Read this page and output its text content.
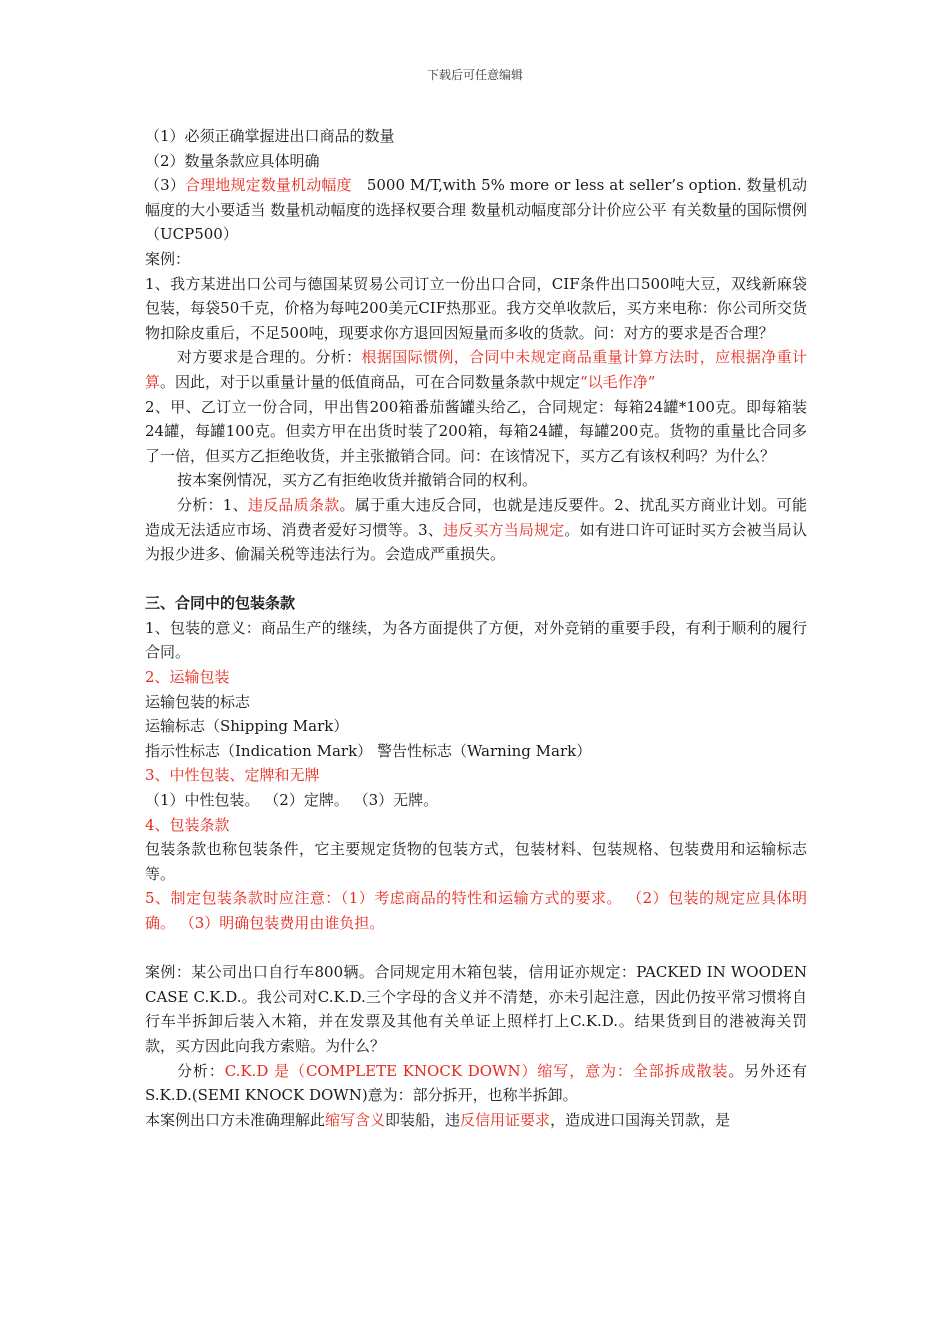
下载后可任意编辑

（1）必须正确掌握进出口商品的数量

（2）数量条款应具体明确

（3）合理地规定数量机动幅度　5000 M/T,with 5% more or less at seller’s option. 数量机动幅度的大小要适当 数量机动幅度的选择权要合理 数量机动幅度部分计价应公平 有关数量的国际惯例（UCP500）

案例：

1、我方某进出口公司与德国某贸易公司订立一份出口合同，CIF条件出口500吨大豆，双线新麻袋包装，每袋50千克，价格为每吨200美元CIF热那亚。我方交单收款后，买方来电称：你公司所交货物扣除皮重后，不足500吨，现要求你方退回因短量而多收的货款。问：对方的要求是否合理？

对方要求是合理的。分析：根据国际惯例，合同中未规定商品重量计算方法时，应根据净重计算。因此，对于以重量计量的低值商品，可在合同数量条款中规定“以毛作净”

2、甲、乙订立一份合同，甲出售200箱番茄酱罐头给乙，合同规定：每箱24罐*100克。即每箱装24罐，每罐100克。但卖方甲在出货时装了200箱，每箱24罐，每罐200克。货物的重量比合同多了一倍，但买方乙拒绝收货，并主张撤销合同。问：在该情况下，买方乙有该权利吗？为什么？

按本案例情况，买方乙有拒绝收货并撤销合同的权利。

分析：1、违反品质条款。属于重大违反合同，也就是违反要件。2、扰乱买方商业计划。可能造成无法适应市场、消费者爱好习惯等。3、违反买方当局规定。如有进口许可证时买方会被当局认为报少进多、偷漏关税等违法行为。会造成严重损失。

三、合同中的包装条款

1、包装的意义：商品生产的继续，为各方面提供了方便，对外竞销的重要手段，有利于顺利的履行合同。

2、运输包装

运输包装的标志

运输标志（Shipping Mark）

指示性标志（Indication Mark） 警告性标志（Warning Mark）

3、中性包装、定牌和无牌

（1）中性包装。 （2）定牌。 （3）无牌。

4、包装条款

包装条款也称包装条件，它主要规定货物的包装方式，包装材料、包装规格、包装费用和运输标志等。

5、制定包装条款时应注意：（1）考虑商品的特性和运输方式的要求。 （2）包装的规定应具体明确。 （3）明确包装费用由谁负担。

案例：某公司出口自行车800辆。合同规定用木箱包装，信用证亦规定：PACKED IN WOODEN CASE C.K.D.。我公司对C.K.D.三个字母的含义并不清楚，亦未引起注意，因此仍按平常习惯将自行车半拆卸后装入木箱，并在发票及其他有关单证上照样打上C.K.D.。结果货到目的港被海关罚款，买方因此向我方索赔。为什么？

分析：C.K.D 是（COMPLETE KNOCK DOWN）缩写，意为：全部拆成散装。另外还有S.K.D.(SEMI KNOCK DOWN)意为：部分拆开，也称半拆卸。

本案例出口方未准确理解此缩写含义即装船，违反信用证要求，造成进口国海关罚款，是
